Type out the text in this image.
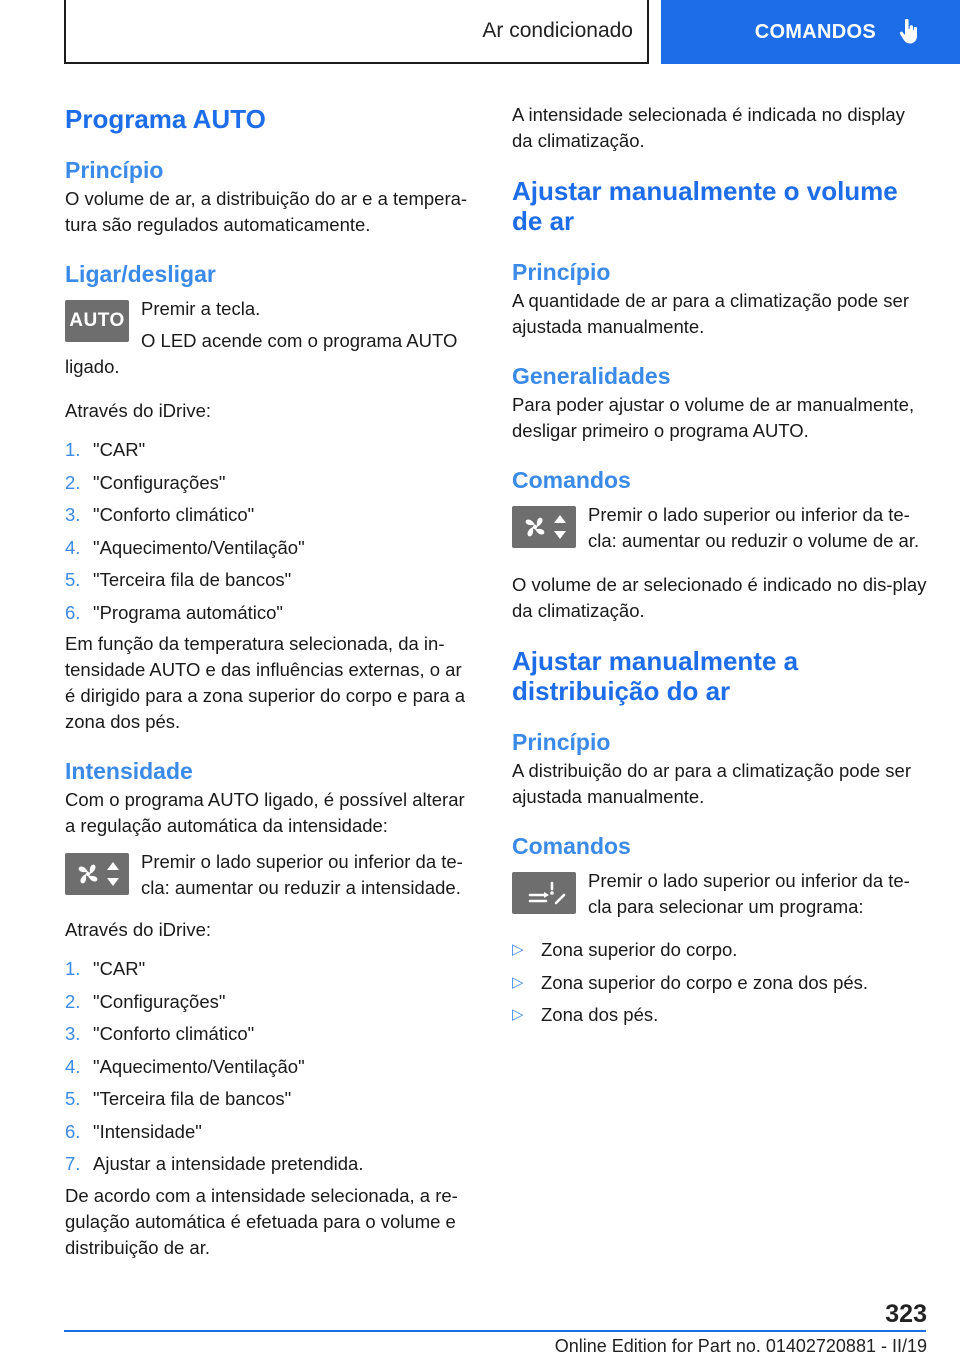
Ar condicionado	COMANDOS
Programa AUTO
Princípio
O volume de ar, a distribuição do ar e a tempera‐tura são regulados automaticamente.
Ligar/desligar
AUTO
Premir a tecla.
O LED acende com o programa AUTO ligado.
Através do iDrive:
1. "CAR"
2. "Configurações"
3. "Conforto climático"
4. "Aquecimento/Ventilação"
5. "Terceira fila de bancos"
6. "Programa automático"
Em função da temperatura selecionada, da in‐tensidade AUTO e das influências externas, o ar é dirigido para a zona superior do corpo e para a zona dos pés.
Intensidade
Com o programa AUTO ligado, é possível alterar a regulação automática da intensidade:
Premir o lado superior ou inferior da te‐cla: aumentar ou reduzir a intensidade.
Através do iDrive:
1. "CAR"
2. "Configurações"
3. "Conforto climático"
4. "Aquecimento/Ventilação"
5. "Terceira fila de bancos"
6. "Intensidade"
7. Ajustar a intensidade pretendida.
De acordo com a intensidade selecionada, a re‐gulação automática é efetuada para o volume e distribuição de ar.
A intensidade selecionada é indicada no display da climatização.
Ajustar manualmente o volume de ar
Princípio
A quantidade de ar para a climatização pode ser ajustada manualmente.
Generalidades
Para poder ajustar o volume de ar manualmente, desligar primeiro o programa AUTO.
Comandos
Premir o lado superior ou inferior da te‐cla: aumentar ou reduzir o volume de ar.
O volume de ar selecionado é indicado no dis‐play da climatização.
Ajustar manualmente a distribuição do ar
Princípio
A distribuição do ar para a climatização pode ser ajustada manualmente.
Comandos
Premir o lado superior ou inferior da te‐cla para selecionar um programa:
▷ Zona superior do corpo.
▷ Zona superior do corpo e zona dos pés.
▷ Zona dos pés.
323
Online Edition for Part no. 01402720881 - II/19
